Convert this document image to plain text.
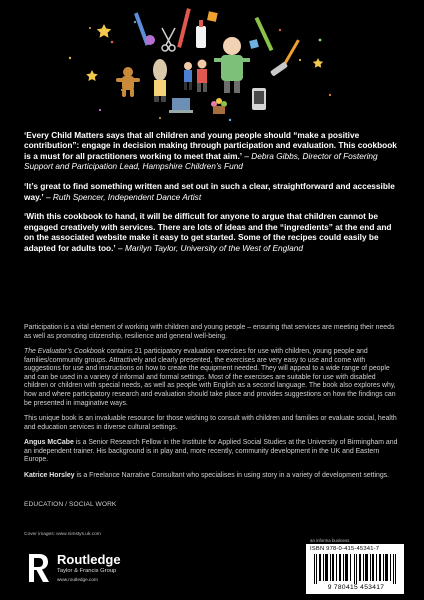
‘Every Child Matters says that all children and young people should “make a positive contribution”: engage in decision making through participation and evaluation. This cookbook is a must for all practitioners working to meet that aim.’ – Debra Gibbs, Director of Fostering Support and Participation Lead, Hampshire Children’s Fund

‘It’s great to find something written and set out in such a clear, straightforward and accessible way.’ – Ruth Spencer, Independent Dance Artist

‘With this cookbook to hand, it will be difficult for anyone to argue that children cannot be engaged creatively with services. There are lots of ideas and the “ingredients” at the end and on the associated website make it easy to get started. Some of the recipes could easily be adapted for adults too.’ – Marilyn Taylor, University of the West of England

Participation is a vital element of working with children and young people – ensuring that services are meeting their needs as well as promoting citizenship, resilience and general well-being.

The Evaluator’s Cookbook contains 21 participatory evaluation exercises for use with children, young people and families/community groups. Attractively and clearly presented, the exercises are very easy to use and come with suggestions for use and instructions on how to create the equipment needed. They will appeal to a wide range of people and can be used in a variety of informal and formal settings. Most of the exercises are suitable for use with disabled children or children with special needs, as well as people with English as a second language. The book also explores why, how and where participatory research and evaluation should take place and provides suggestions on how the findings can be presented in imaginative ways.

This unique book is an invaluable resource for those wishing to consult with children and families or evaluate social, health and education services in diverse cultural settings.

Angus McCabe is a Senior Research Fellow in the Institute for Applied Social Studies at the University of Birmingham and an independent trainer. His background is in play and, more recently, community development in the UK and Eastern Europe.

Katrice Horsley is a Freelance Narrative Consultant who specialises in using story in a variety of development settings.

EDUCATION / SOCIAL WORK
Cover images: www.nimstys.uk.com
Routledge
Taylor & Francis Group
www.routledge.com
an informa business
ISBN 978-0-415-45341-7
9 780415 453417
